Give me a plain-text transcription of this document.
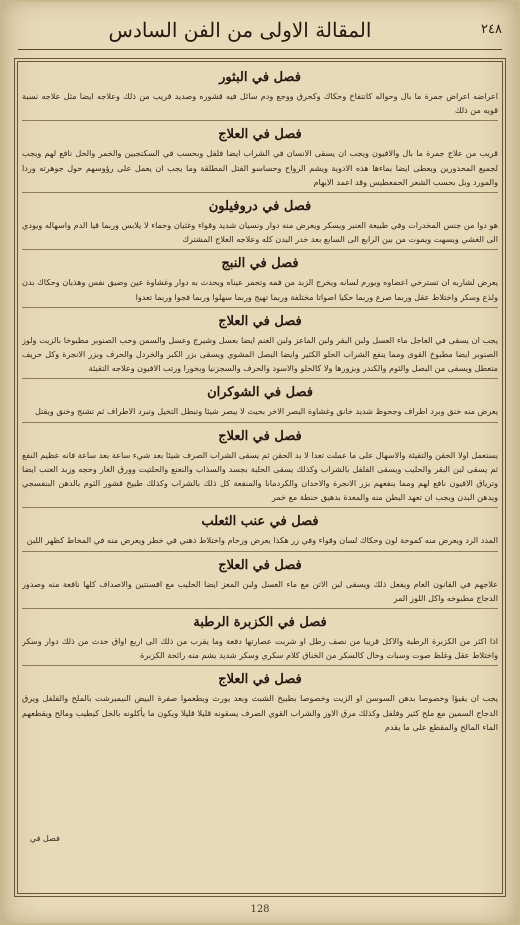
المقالة الاولى من الفن السادس	٢٤٨
فصل في البثور
اعراضه اعراض جمرة ما بال وحواله كانتفاخ وحكاك وكحرق ووجع ودم سائل فيه قشوره وصديد قريب من ذلك وعلاجه ايضا مثل علاجه نسبة قويه من ذلك
فصل في العلاج
قريب من علاج جمرة ما بال والافيون ويجب ان يسقى الانسان في الشراب ايضا فلفل وبحسب في السكنجبين والخمر والحل نافع لهم ويجب لجميع المحدورين ويعطى ايضا بماءها هذه الادوية ويشم الرواح وحساسو الفتل المطلقة وما يجب ان يعمل على رؤوسهم حول جوهرته وردا والمورد وبل بحسب الشعر الحمعطيس وقد اعمد الايهام
فصل في دروفيلون
هو دوا من جنس المخدرات وفي طبيعة العنبر ويسكر ويعرض منه دوار ونسيان شديد وقواء وغثيان وحماء لا يلابس وربما قيا الدم واسهاله ويودي الى الغشي ويسهت ويموت من بين الرابع الى السابع بعد خدر البدن كله وعلاجه العلاج المشترك
فصل في النبج
يعرض لشاربه ان تسترخي اعضاوه ويورم لسانه ويخرج الزبد من فمه وتحمر عيناه ويحدث به دوار وغشاوة عين وضيق نفس وهذيان وحكاك بدن ولذع وسكر واختلاط عقل وربما صرع وربما حكيا اصواتا مختلفة وربما تهيج وربما سهلوا وربما فجوا وربما تعدوا
فصل في العلاج
يجب ان يسقى في العاجل ماء العسل ولبن البقر ولبن الماعز ولبن الغنم ايضا بعسل وشيرج وعسل والسمن وحب الصنوبر مطبوخا بالزيت ولوز الصنوبر ايضا مطبوخ القوى ومما ينفع الشراب الحلو الكثير وايضا البصل المشوي ويسقى بزر الكبر والخردل والحرف وبزر الانجرة وكل حريف متعطل ويسقى من البصل والثوم والكندر وبزورها ولا كالحلو والاسود والحرف والسجزنيا وبخورا ورتب الافيون وعلاجه التقيئة
فصل في الشوكران
يعرض منه خنق وبرد اطراف وجحوظ شديد خانق وغشاوة البصر الاخر بحيث لا يبصر شيئا وتبطل التخيل وتبرد الاطراف ثم تشنج وخنق ويقتل
فصل في العلاج
يستعمل اولا الحقن والتقيئة والاسهال على ما عملت تعدا لا بد الحقن ثم يسقى الشراب الصرف شيئا بعد شيء ساعة بعد ساعة فانه عظيم النفع ثم يسقى لبن البقر والحليب ويسقى الفلفل بالشراب وكذلك يسقى الحلبة بجسد والسذاب والنعنع والحلتيت وورق الغار وحجه وزبد العنب ايضا وترياق الافيون نافع لهم ومما ينفعهم بزر الانجرة والاحدان والكردمانا والمنفعة كل ذلك بالشراب وكذلك طبيخ قشور الثوم بالدهن البنفسجي ويدهن البدن ويجب ان تعهد البطن منه والمعدة بدهيق حنطة مع خمر
فصل في عنب الثعلب
المدد الرد ويعرض منه كموحة لون وحكاك لسان وقواء وفي زر هكذا يعرض وزحام واختلاط ذهني في خطر ويعرض منه في المخاط كظهر اللبن
فصل في العلاج
علاجهم في القانون العام ويفعل ذلك ويسقى لبن الاتن مع ماء العسل ولبن المعز ايضا الحليب مع افسنتين والاصداف كلها نافعة منه وصدور الدجاج مطبوخه واكل اللوز المر
فصل في الكزبرة الرطبة
اذا اكثر من الكزبرة الرطبة والاكل قريبا من نصف رطل او شربت عصارتها دفعة وما يقرب من ذلك الى اربع اواق حدث من ذلك دوار وسكر واختلاط عقل وغلظ صوت وسبات وحال كالسكر من الخناق كلام سكري وسكر شديد يشم منه رائحة الكزبرة
فصل في العلاج
يجب ان يقيؤا وخصوصا بدهن السوسن او الزيت وخصوصا بطبيخ الشبث وبعد يورث ويطعموا صفرة البيض النيمبرشت بالملح والفلفل ويرق الدجاج السمين مع ملح كثير وفلفل وكذلك مرق الاوز والشراب القوي الصرف يسقونه قليلا قليلا ويكون ما يأكلونه بالخل كيطيب ومالح ويقطعهم الماء المالح والمقطع على ما يقدم
فصل في
128
